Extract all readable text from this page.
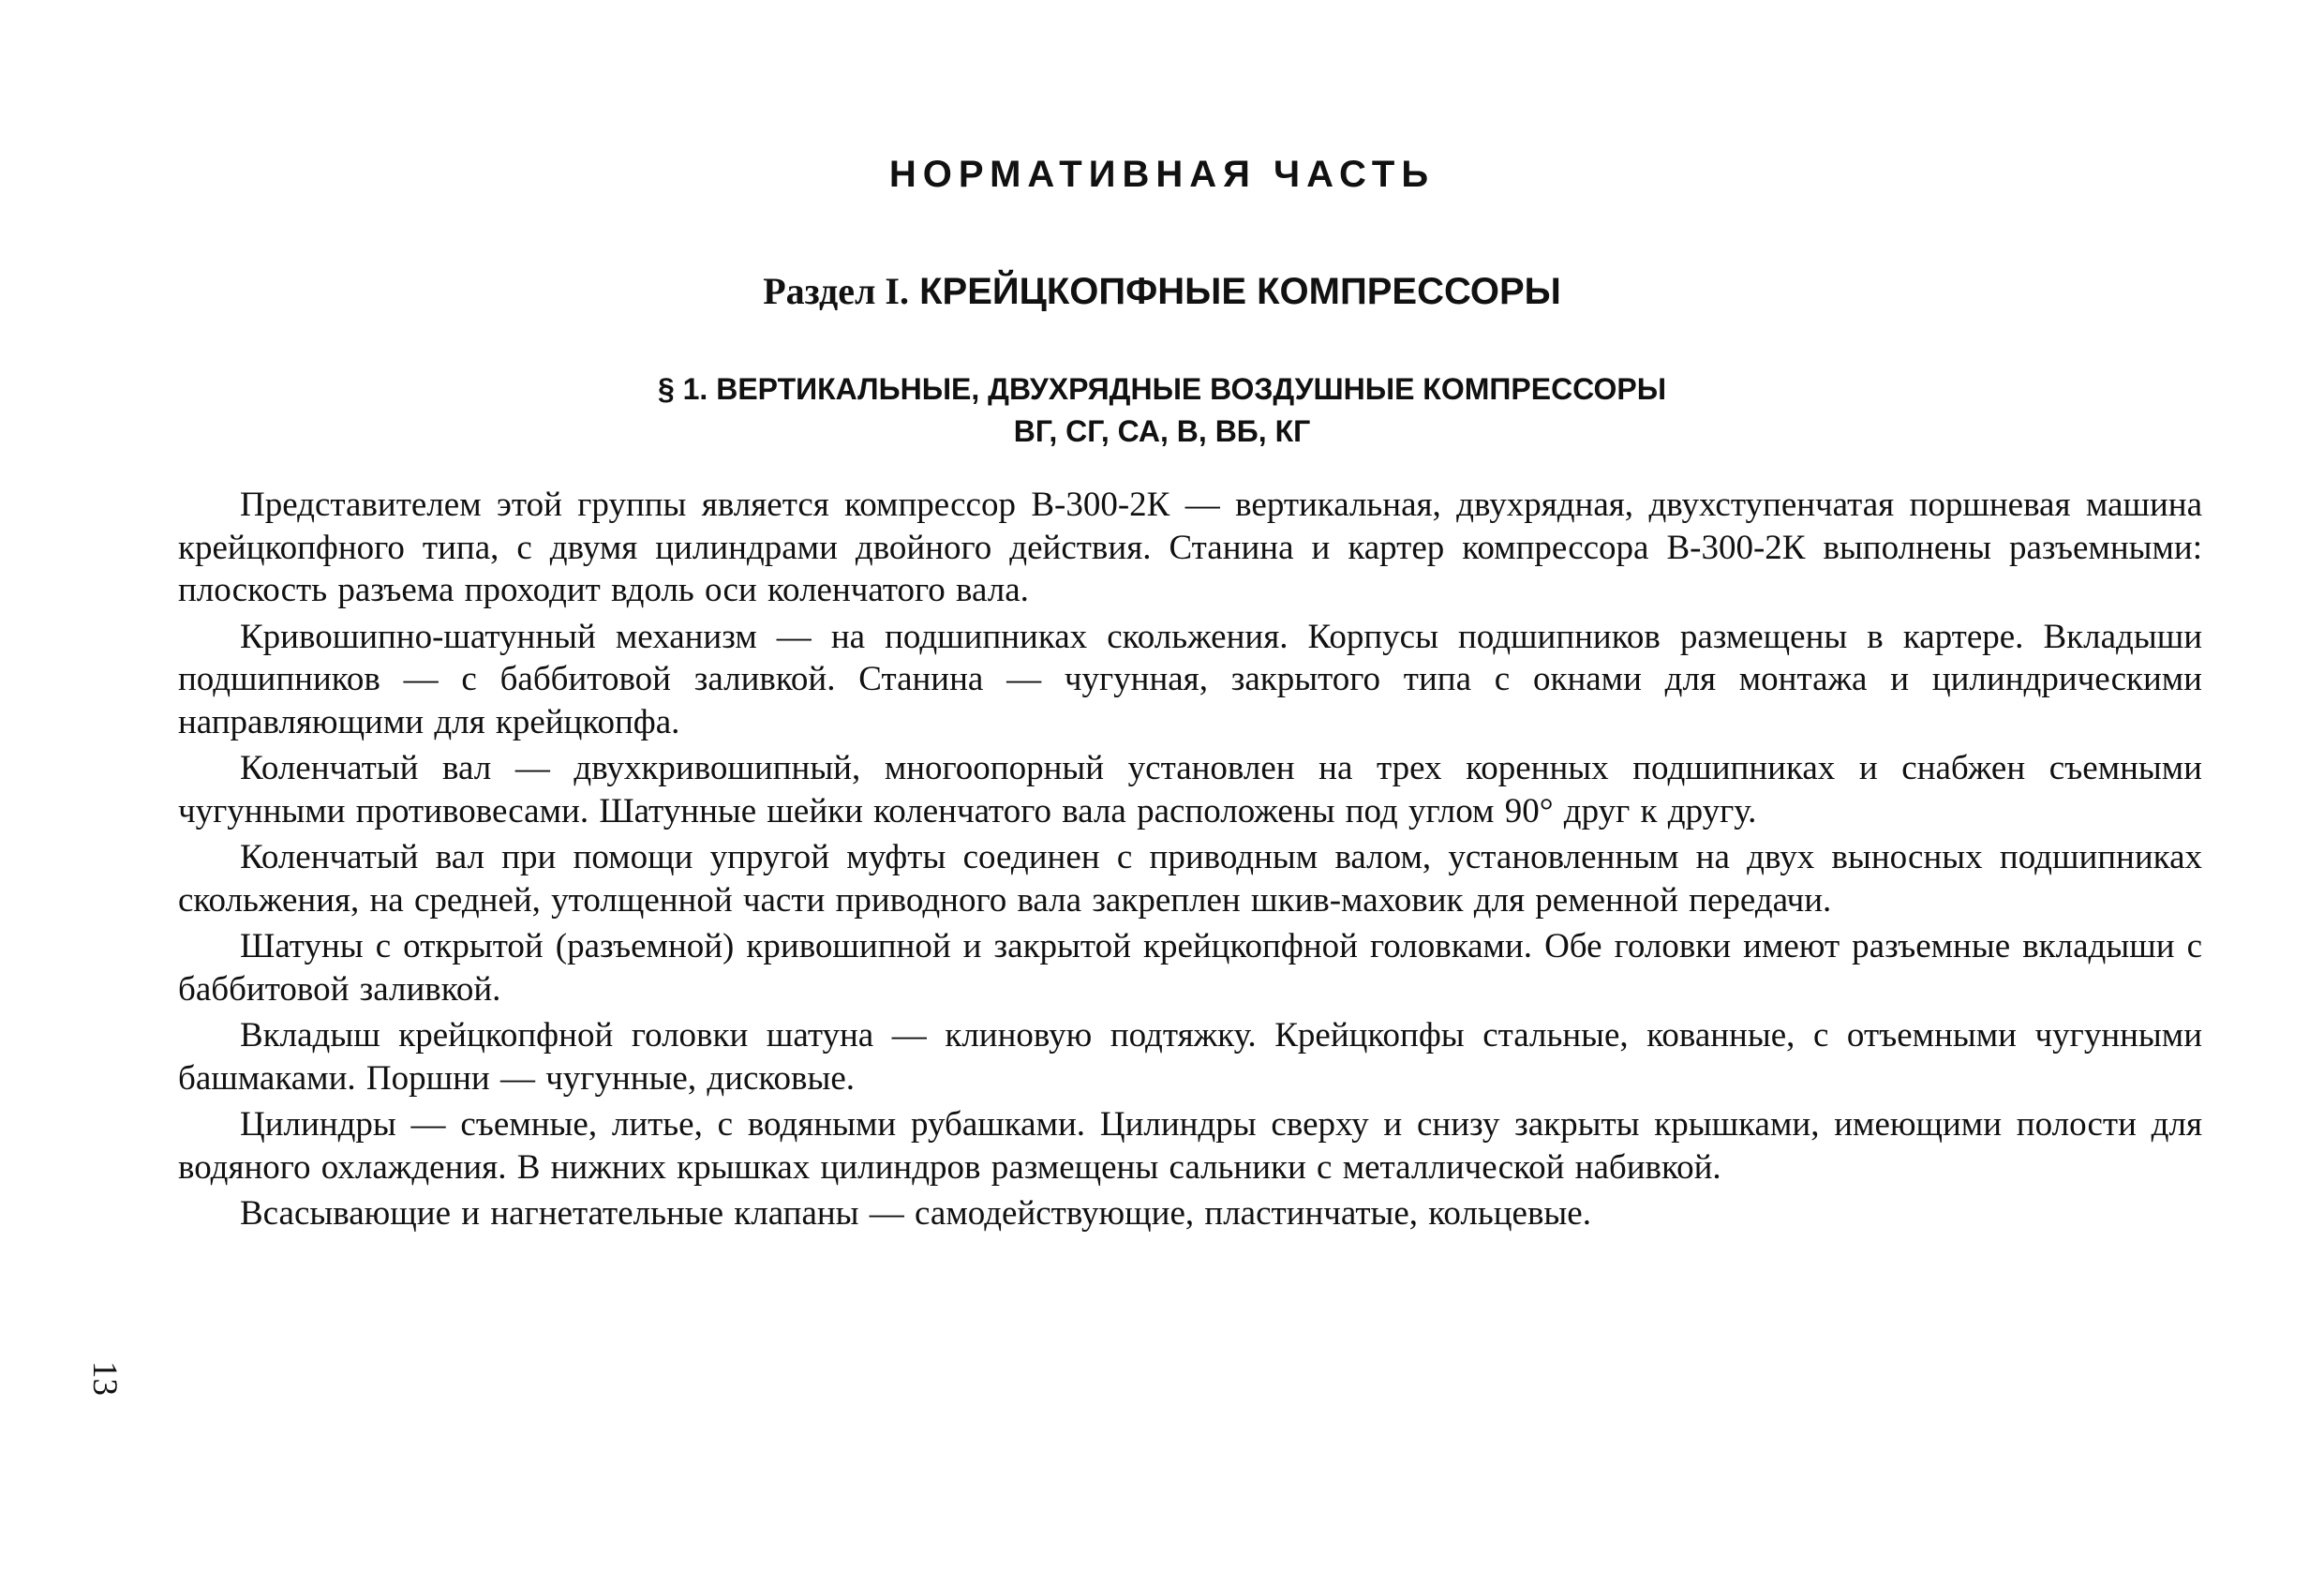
НОРМАТИВНАЯ ЧАСТЬ
Раздел I. КРЕЙЦКОПФНЫЕ КОМПРЕССОРЫ
§ 1. ВЕРТИКАЛЬНЫЕ, ДВУХРЯДНЫЕ ВОЗДУШНЫЕ КОМПРЕССОРЫ
ВГ, СГ, СА, В, ВБ, КГ

Представителем этой группы является компрессор В-300-2К — вертикальная, двухрядная, двухступенчатая поршневая машина крейцкопфного типа, с двумя цилиндрами двойного действия. Станина и картер компрессора В-300-2К выполнены разъемными: плоскость разъема проходит вдоль оси коленчатого вала.

Кривошипно-шатунный механизм — на подшипниках скольжения. Корпусы подшипников размещены в картере. Вкладыши подшипников — с баббитовой заливкой. Станина — чугунная, закрытого типа с окнами для монтажа и цилиндрическими направляющими для крейцкопфа.

Коленчатый вал — двухкривошипный, многоопорный установлен на трех коренных подшипниках и снабжен съемными чугунными противовесами. Шатунные шейки коленчатого вала расположены под углом 90° друг к другу.

Коленчатый вал при помощи упругой муфты соединен с приводным валом, установленным на двух выносных подшипниках скольжения, на средней, утолщенной части приводного вала закреплен шкив-маховик для ременной передачи.

Шатуны с открытой (разъемной) кривошипной и закрытой крейцкопфной головками. Обе головки имеют разъемные вкладыши с баббитовой заливкой.

Вкладыш крейцкопфной головки шатуна — клиновую подтяжку. Крейцкопфы стальные, кованные, с отъемными чугунными башмаками. Поршни — чугунные, дисковые.

Цилиндры — съемные, литье, с водяными рубашками. Цилиндры сверху и снизу закрыты крышками, имеющими полости для водяного охлаждения. В нижних крышках цилиндров размещены сальники с металлической набивкой.

Всасывающие и нагнетательные клапаны — самодействующие, пластинчатые, кольцевые.

13
